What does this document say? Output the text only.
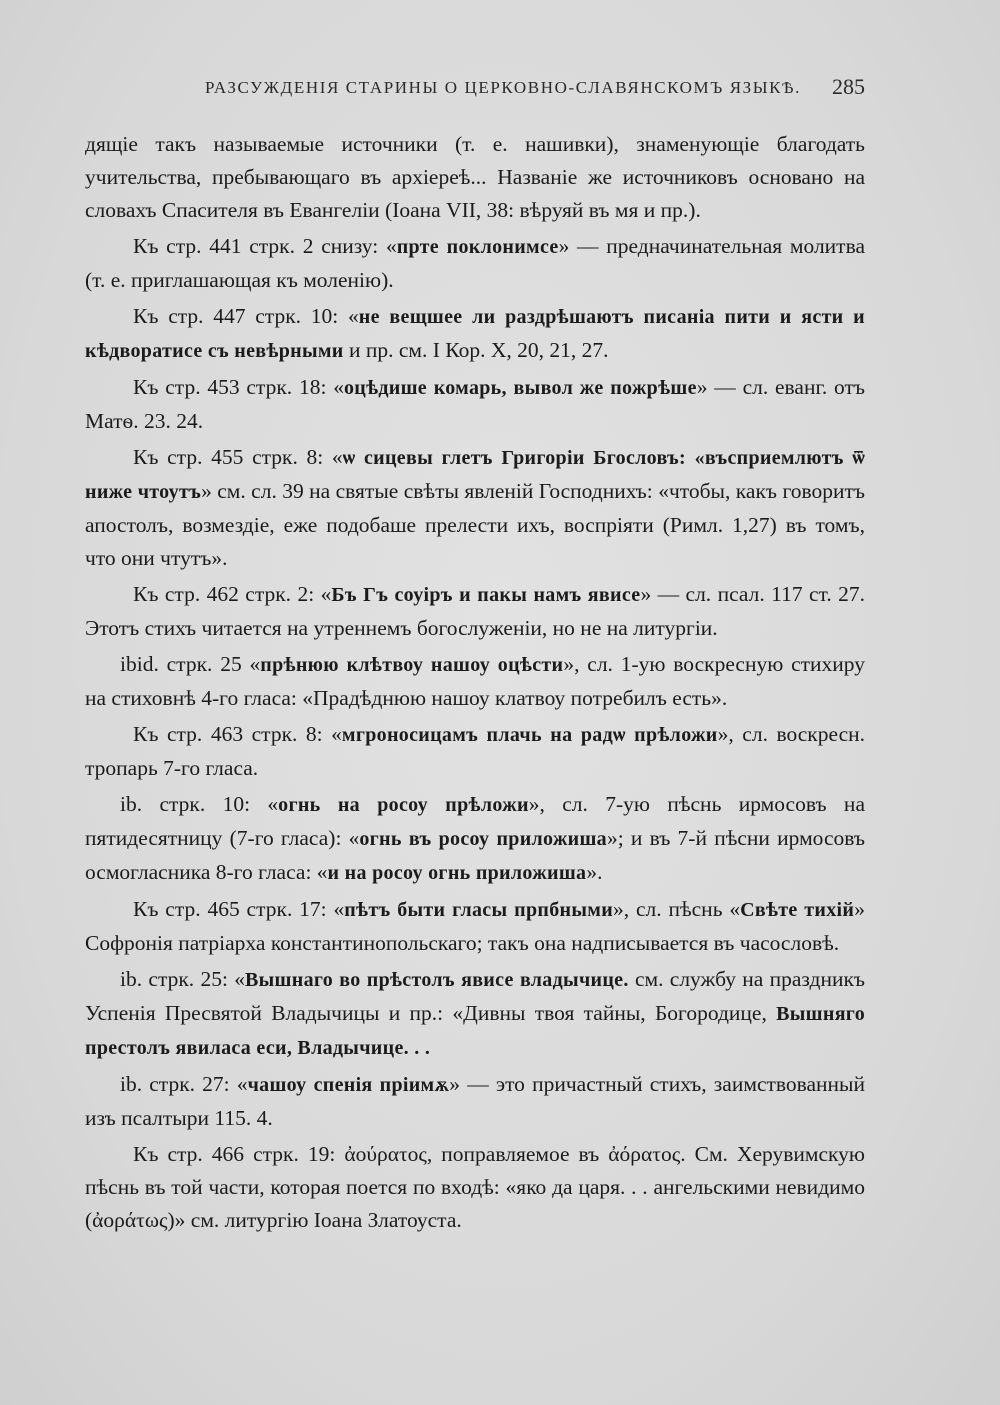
РАЗСУЖДЕНІЯ СТАРИНЫ О ЦЕРКОВНО-СЛАВЯНСКОМЪ ЯЗЫКѢ. 285

дящіе такъ называемые источники (т. е. нашивки), знаменующіе благодать учительства, пребывающаго въ архіереѣ... Названіе же источниковъ основано на словахъ Спасителя въ Евангеліи (Іоана VII, 38: вѣруяй въ мя и пр.).

Къ стр. 441 стрк. 2 снизу: «прте поклонимсе» — предначинательная молитва (т. е. приглашающая къ моленію).

Къ стр. 447 стрк. 10: «не вещшее ли раздрѣшаютъ писаніа пити и ясти и кѣдворатисе съ невѣрными и пр. см. I Кор. X, 20, 21, 27.

Къ стр. 453 стрк. 18: «оцѣдише комарь, вывол же пожрѣше» — сл. еванг. отъ Матѳ. 23. 24.

Къ стр. 455 стрк. 8: «ѡ сицевы глетъ Григоріи Бгословъ: «въсприемлютъ ѿ ниже чтоутъ» см. сл. 39 на святые свѣты явленій Господнихъ: «чтобы, какъ говоритъ апостолъ, возмездіе, еже подобаше прелести ихъ, воспріяти (Римл. 1,27) въ томъ, что они чтутъ».

Къ стр. 462 стрк. 2: «Бъ Гъ соуіръ и пакы намъ явисе» — сл. псал. 117 ст. 27. Этотъ стихъ читается на утреннемъ богослуженіи, но не на литургіи.

ibid. стрк. 25 «прѣнюю клѣтвоу нашоу оцѣсти», сл. 1-ую воскресную стихиру на стиховнѣ 4-го гласа: «Прадѣднюю нашоу клатвоу потребилъ есть».

Къ стр. 463 стрк. 8: «мгроносицамъ плачь на радѡ прѣложи», сл. воскресн. тропарь 7-го гласа.

ib. стрк. 10: «огнь на росоу прѣложи», сл. 7-ую пѣснь ирмосовъ на пятидесятницу (7-го гласа): «огнь въ росоу приложиша»; и въ 7-й пѣсни ирмосовъ осмогласника 8-го гласа: «и на росоу огнь приложиша».

Къ стр. 465 стрк. 17: «пѣтъ быти гласы прпбными», сл. пѣснь «Свѣте тихій» Софронія патріарха константинопольскаго; такъ она надписывается въ часословѣ.

ib. стрк. 25: «Вышнаго во прѣстолъ явисе владычице. см. службу на праздникъ Успенія Пресвятой Владычицы и пр.: «Дивны твоя тайны, Богородице, Вышняго престолъ явиласа еси, Владычице. . .

ib. стрк. 27: «чашоу спенія пріимѫ» — это причастный стихъ, заимствованный изъ псалтыри 115. 4.

Къ стр. 466 стрк. 19: ἀούρατος, поправляемое въ ἀόρατος. См. Херувимскую пѣснь въ той части, которая поется по входѣ: «яко да царя. . . ангельскими невидимо (ἀοράτως)» см. литургію Іоана Златоуста.
